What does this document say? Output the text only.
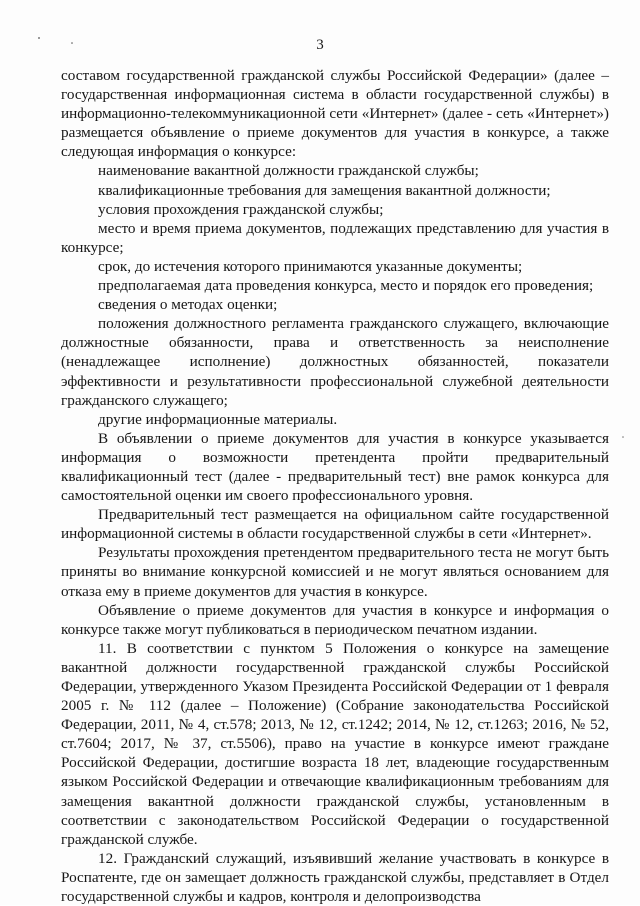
3

составом государственной гражданской службы Российской Федерации» (далее – государственная информационная система в области государственной службы) в информационно-телекоммуникационной сети «Интернет» (далее - сеть «Интернет») размещается объявление о приеме документов для участия в конкурсе, а также следующая информация о конкурсе:

наименование вакантной должности гражданской службы;

квалификационные требования для замещения вакантной должности;

условия прохождения гражданской службы;

место и время приема документов, подлежащих представлению для участия в конкурсе;

срок, до истечения которого принимаются указанные документы;

предполагаемая дата проведения конкурса, место и порядок его проведения;

сведения о методах оценки;

положения должностного регламента гражданского служащего, включающие должностные обязанности, права и ответственность за неисполнение (ненадлежащее исполнение) должностных обязанностей, показатели эффективности и результативности профессиональной служебной деятельности гражданского служащего;

другие информационные материалы.

В объявлении о приеме документов для участия в конкурсе указывается информация о возможности претендента пройти предварительный квалификационный тест (далее - предварительный тест) вне рамок конкурса для самостоятельной оценки им своего профессионального уровня.

Предварительный тест размещается на официальном сайте государственной информационной системы в области государственной службы в сети «Интернет».

Результаты прохождения претендентом предварительного теста не могут быть приняты во внимание конкурсной комиссией и не могут являться основанием для отказа ему в приеме документов для участия в конкурсе.

Объявление о приеме документов для участия в конкурсе и информация о конкурсе также могут публиковаться в периодическом печатном издании.

11. В соответствии с пунктом 5 Положения о конкурсе на замещение вакантной должности государственной гражданской службы Российской Федерации, утвержденного Указом Президента Российской Федерации от 1 февраля 2005 г. № 112 (далее – Положение) (Собрание законодательства Российской Федерации, 2011, № 4, ст.578; 2013, № 12, ст.1242; 2014, № 12, ст.1263; 2016, № 52, ст.7604; 2017, № 37, ст.5506), право на участие в конкурсе имеют граждане Российской Федерации, достигшие возраста 18 лет, владеющие государственным языком Российской Федерации и отвечающие квалификационным требованиям для замещения вакантной должности гражданской службы, установленным в соответствии с законодательством Российской Федерации о государственной гражданской службе.

12. Гражданский служащий, изъявивший желание участвовать в конкурсе в Роспатенте, где он замещает должность гражданской службы, представляет в Отдел государственной службы и кадров, контроля и делопроизводства
